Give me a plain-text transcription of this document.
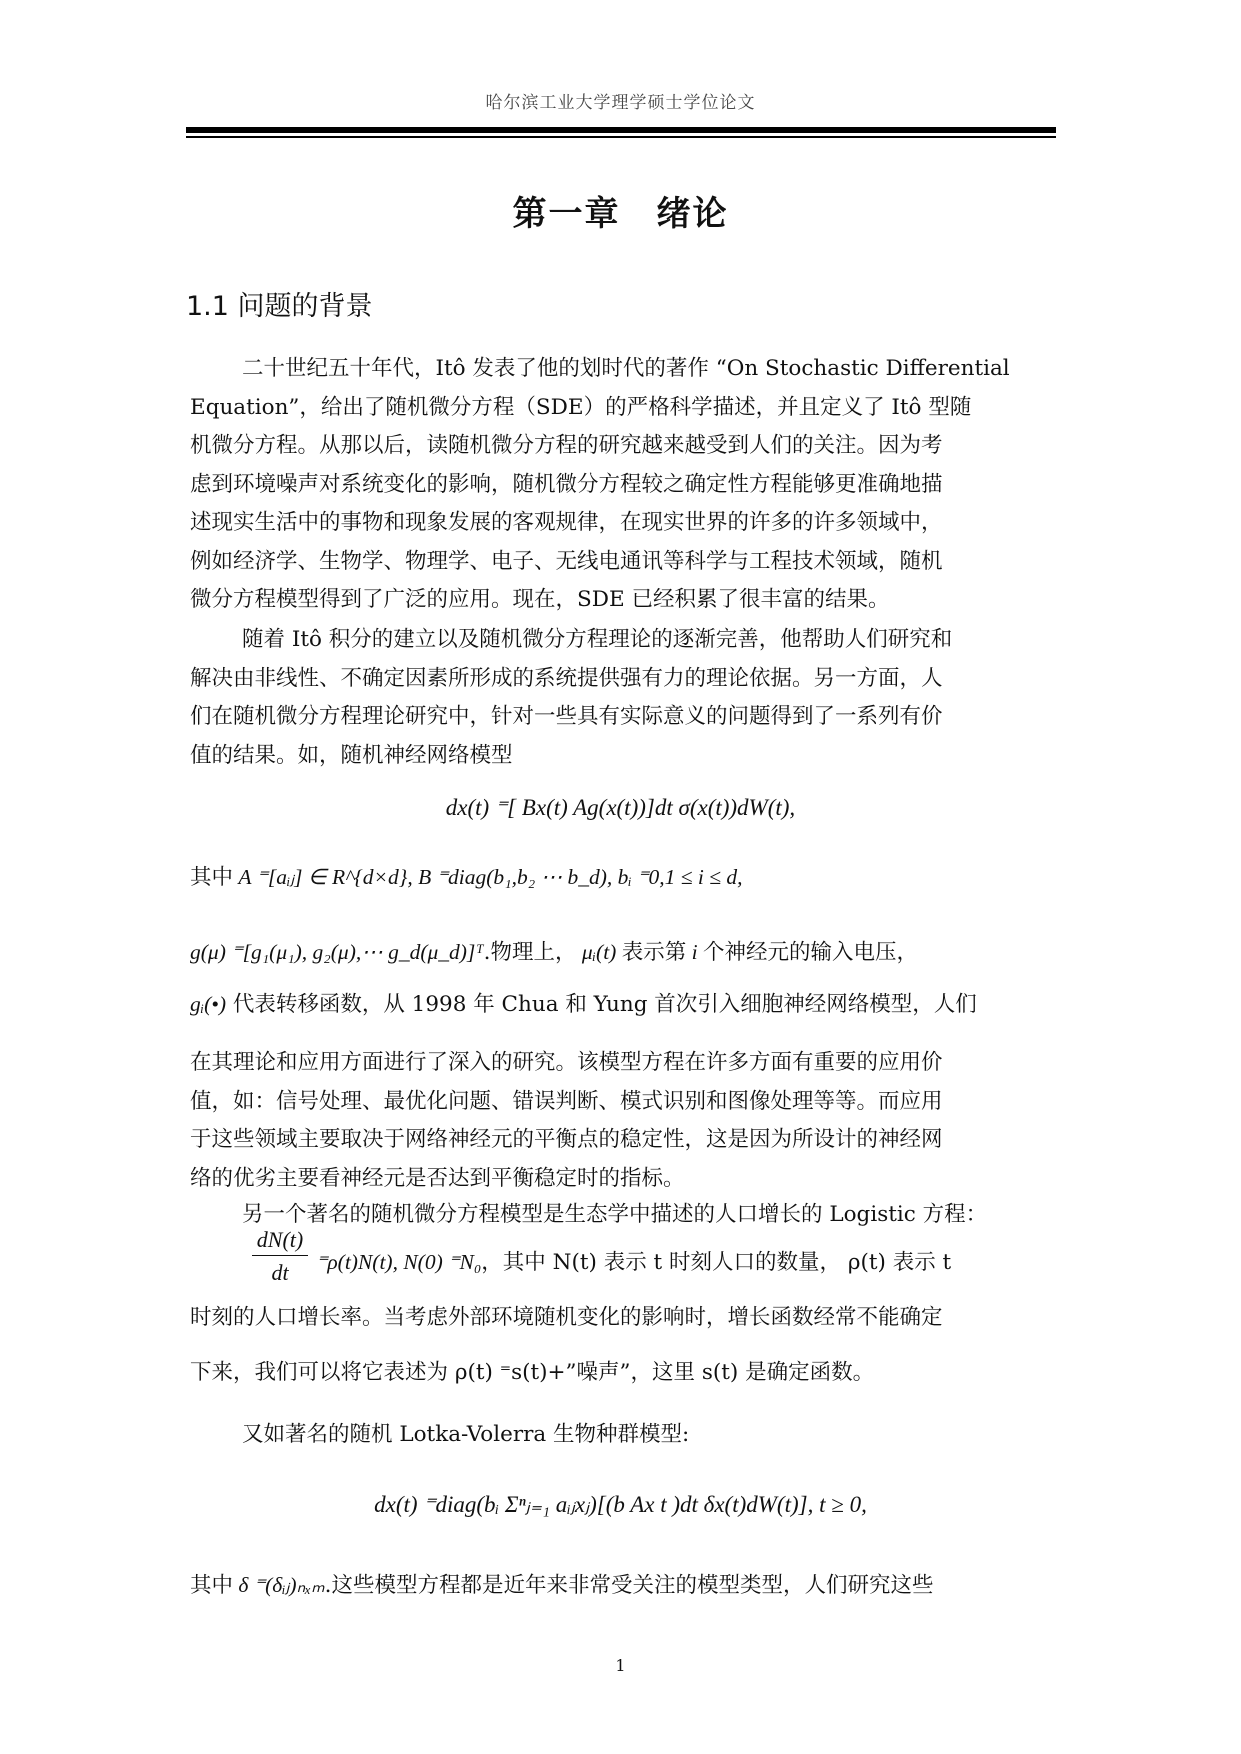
哈尔滨工业大学理学硕士学位论文
第一章　绪论
1.1 问题的背景
二十世纪五十年代，Itô 发表了他的划时代的著作 “On Stochastic Differential
Equation”，给出了随机微分方程（SDE）的严格科学描述，并且定义了 Itô 型随
机微分方程。从那以后，读随机微分方程的研究越来越受到人们的关注。因为考
虑到环境噪声对系统变化的影响，随机微分方程较之确定性方程能够更准确地描
述现实生活中的事物和现象发展的客观规律，在现实世界的许多的许多领域中，
例如经济学、生物学、物理学、电子、无线电通讯等科学与工程技术领域，随机
微分方程模型得到了广泛的应用。现在，SDE 已经积累了很丰富的结果。
随着 Itô 积分的建立以及随机微分方程理论的逐渐完善，他帮助人们研究和
解决由非线性、不确定因素所形成的系统提供强有力的理论依据。另一方面，人
们在随机微分方程理论研究中，针对一些具有实际意义的问题得到了一系列有价
值的结果。如，随机神经网络模型
dx(t) ⁼[ Bx(t) Ag(x(t))]dt σ(x(t))dW(t),
其中 A ⁼[aᵢⱼ] ∈ R^{d×d}, B ⁼diag(b₁,b₂ ⋯ b_d), bᵢ ⁼0,1 ≤ i ≤ d,
g(μ) ⁼[g₁(μ₁), g₂(μ),⋯ g_d(μ_d)]ᵀ.物理上， μᵢ(t) 表示第 i 个神经元的输入电压，
gᵢ(•) 代表转移函数，从 1998 年 Chua 和 Yung 首次引入细胞神经网络模型，人们
在其理论和应用方面进行了深入的研究。该模型方程在许多方面有重要的应用价
值，如：信号处理、最优化问题、错误判断、模式识别和图像处理等等。而应用
于这些领域主要取决于网络神经元的平衡点的稳定性，这是因为所设计的神经网
络的优劣主要看神经元是否达到平衡稳定时的指标。
另一个著名的随机微分方程模型是生态学中描述的人口增长的 Logistic 方程：
$\frac{dN(t)}{dt} ^=\rho(t)N(t)$, N(0) ⁼N₀，其中 N(t) 表示 t 时刻人口的数量， ρ(t) 表示 t
时刻的人口增长率。当考虑外部环境随机变化的影响时，增长函数经常不能确定
下来，我们可以将它表述为 ρ(t) ⁼s(t)+”噪声”，这里 s(t) 是确定函数。
又如著名的随机 Lotka-Volerra 生物种群模型:
dx(t) ⁼diag(bᵢ Σⁿⱼ₌₁ aᵢⱼxⱼ)[(b Ax t )dt δx(t)dW(t)], t ≥ 0,
其中 δ ⁼(δᵢⱼ)ₙₓₘ.这些模型方程都是近年来非常受关注的模型类型，人们研究这些
1
